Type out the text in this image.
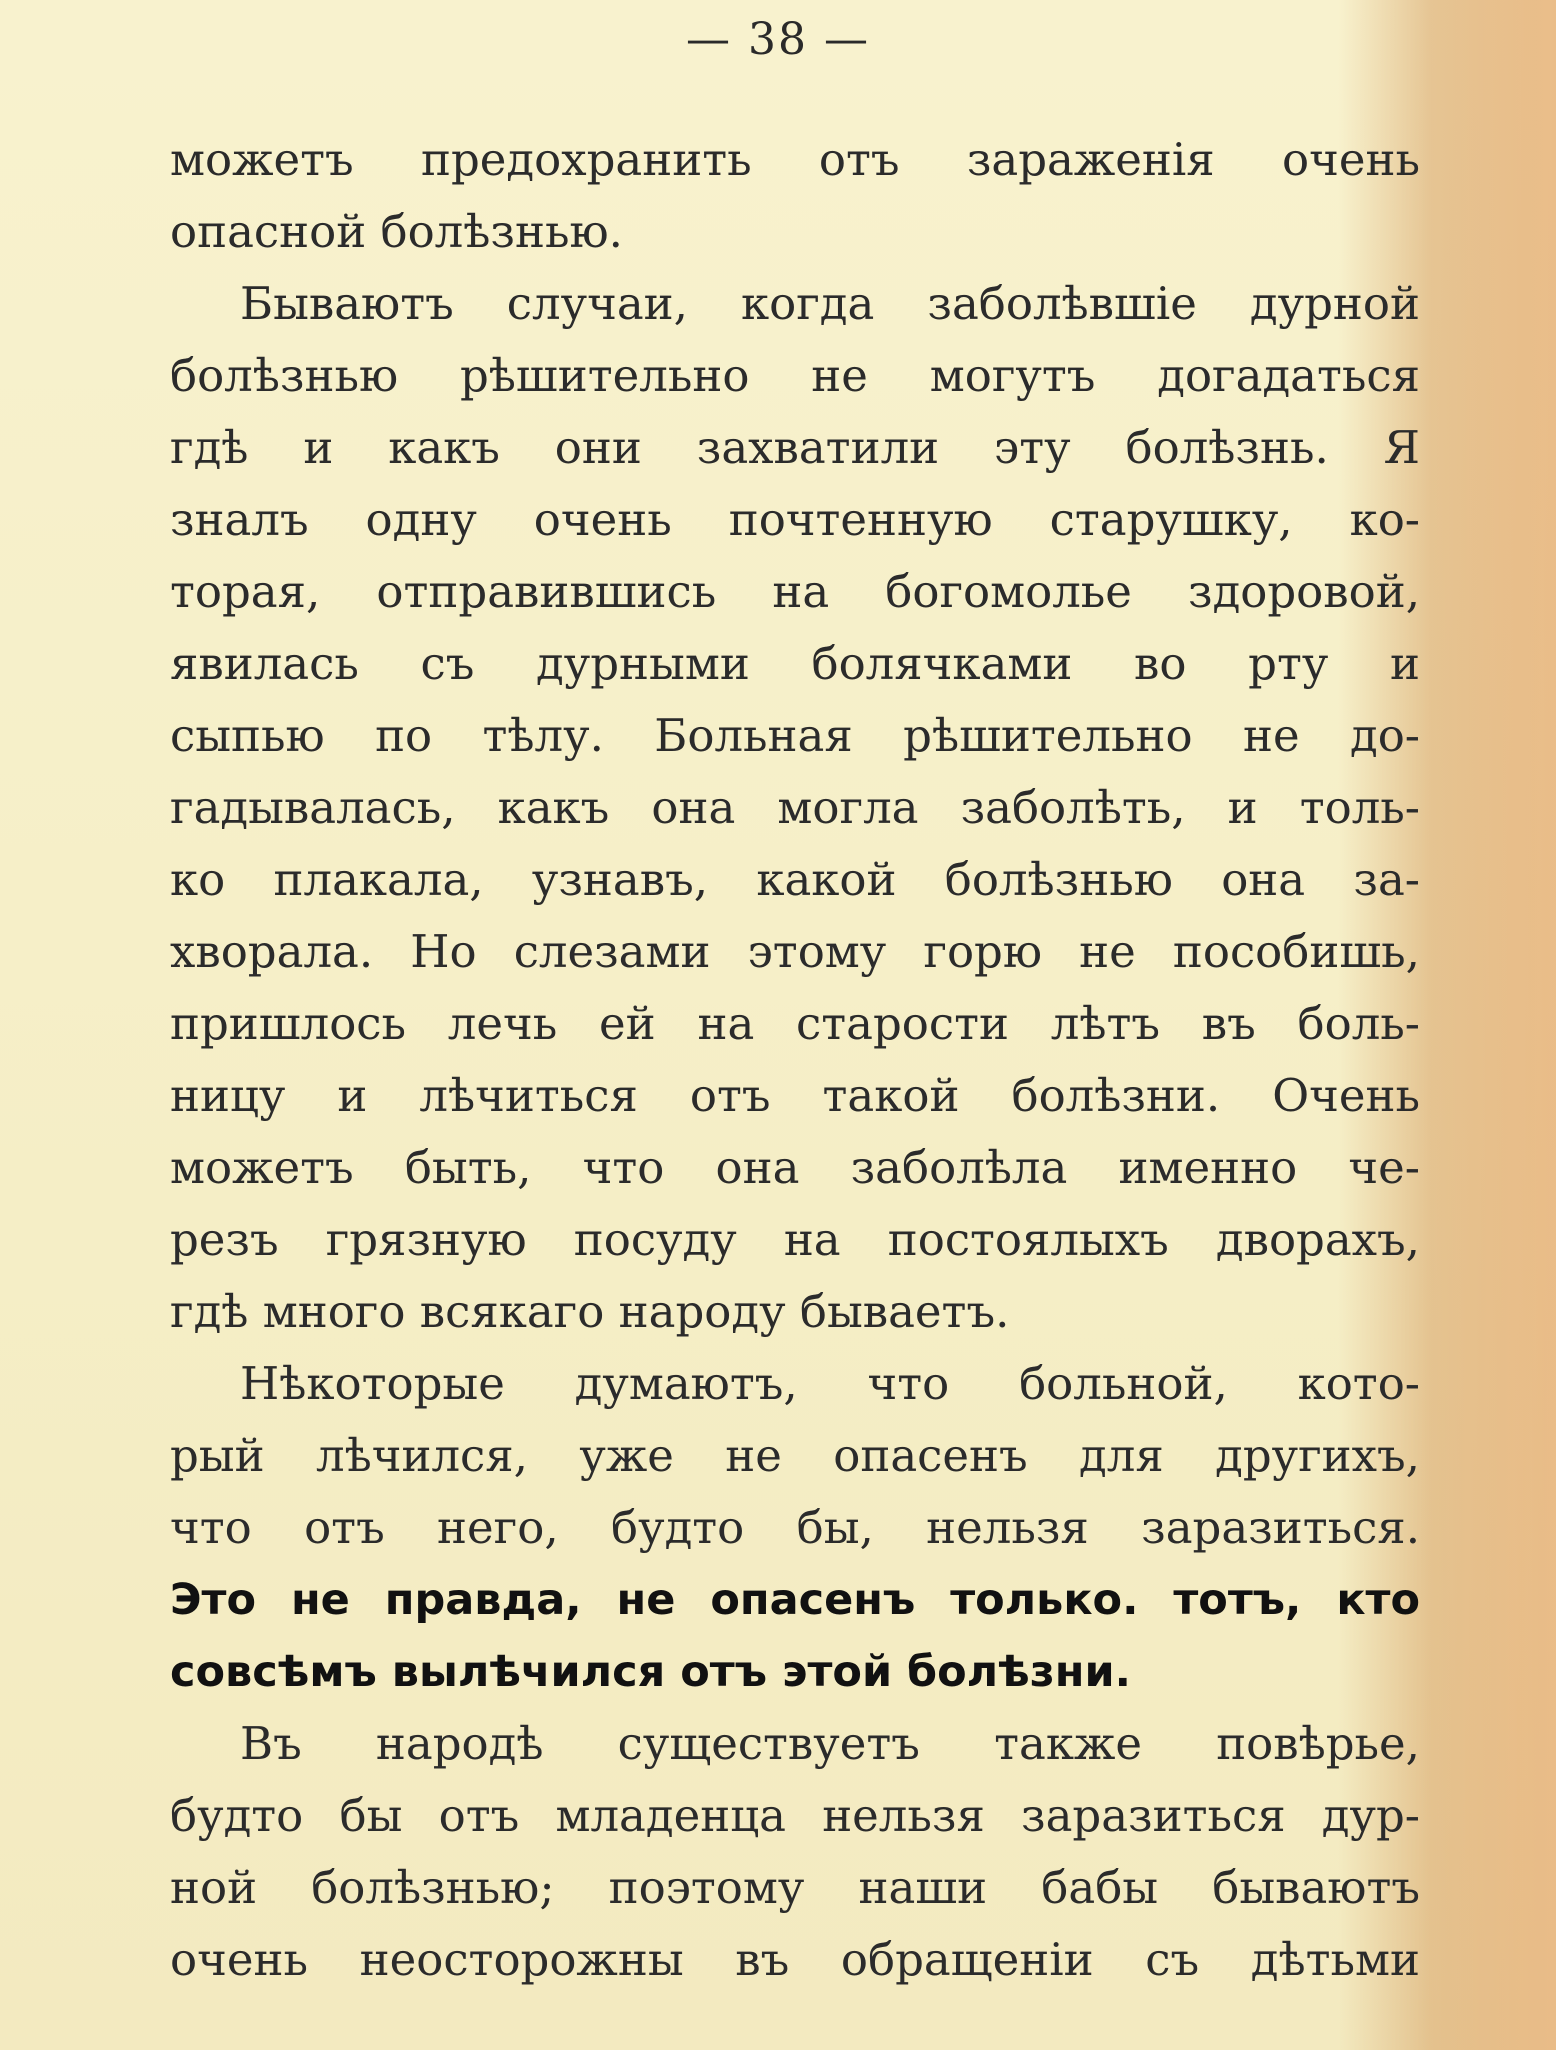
— 38 —
можетъ предохранить отъ зараженія очень
опасной болѣзнью.
Бываютъ случаи, когда заболѣвшіе дурной
болѣзнью рѣшительно не могутъ догадаться
гдѣ и какъ они захватили эту болѣзнь. Я
зналъ одну очень почтенную старушку, ко-
торая, отправившись на богомолье здоровой,
явилась съ дурными болячками во рту и
сыпью по тѣлу. Больная рѣшительно не до-
гадывалась, какъ она могла заболѣть, и толь-
ко плакала, узнавъ, какой болѣзнью она за-
хворала. Но слезами этому горю не пособишь,
пришлось лечь ей на старости лѣтъ въ боль-
ницу и лѣчиться отъ такой болѣзни. Очень
можетъ быть, что она заболѣла именно че-
резъ грязную посуду на постоялыхъ дворахъ,
гдѣ много всякаго народу бываетъ.
Нѣкоторые думаютъ, что больной, кото-
рый лѣчился, уже не опасенъ для другихъ,
что отъ него, будто бы, нельзя заразиться.
Это не правда, не опасенъ только. тотъ, кто
совсѣмъ вылѣчился отъ этой болѣзни.
Въ народѣ существуетъ также повѣрье,
будто бы отъ младенца нельзя заразиться дур-
ной болѣзнью; поэтому наши бабы бываютъ
очень неосторожны въ обращеніи съ дѣтьми
